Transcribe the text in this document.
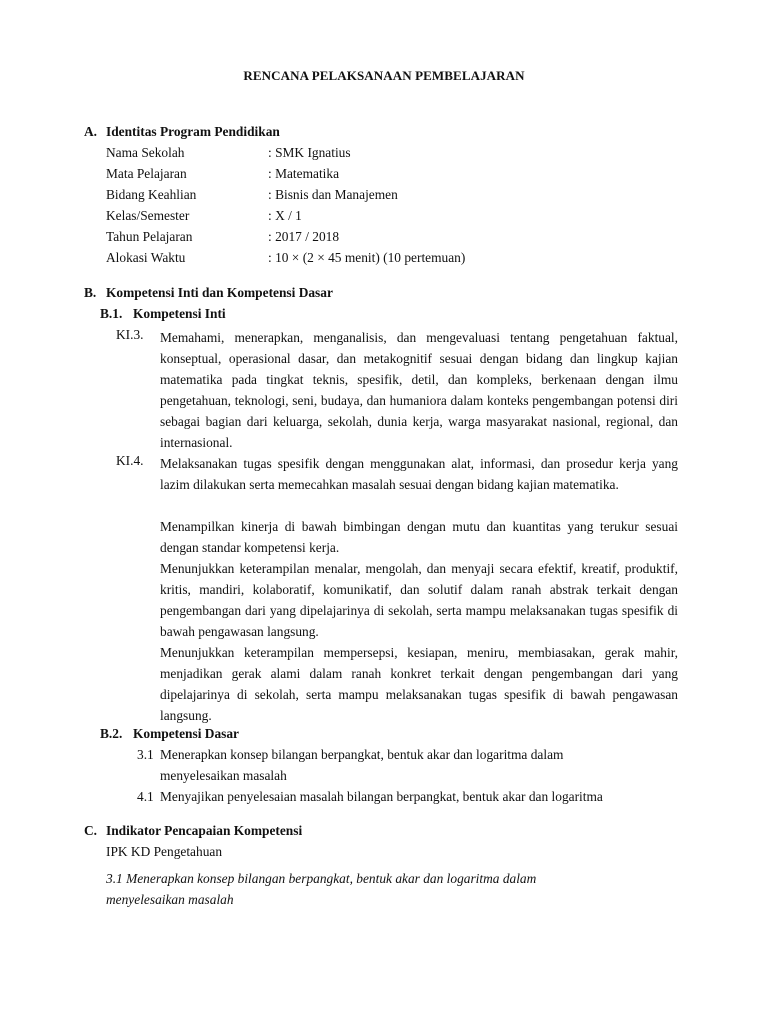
RENCANA PELAKSANAAN PEMBELAJARAN
A. Identitas Program Pendidikan
Nama Sekolah	: SMK Ignatius
Mata Pelajaran	: Matematika
Bidang Keahlian	: Bisnis dan Manajemen
Kelas/Semester	: X / 1
Tahun Pelajaran	: 2017 / 2018
Alokasi Waktu	: 10 × (2 × 45 menit) (10 pertemuan)
B. Kompetensi Inti dan Kompetensi Dasar
B.1. Kompetensi Inti
KI.3. Memahami, menerapkan, menganalisis, dan mengevaluasi tentang pengetahuan faktual, konseptual, operasional dasar, dan metakognitif sesuai dengan bidang dan lingkup kajian matematika pada tingkat teknis, spesifik, detil, dan kompleks, berkenaan dengan ilmu pengetahuan, teknologi, seni, budaya, dan humaniora dalam konteks pengembangan potensi diri sebagai bagian dari keluarga, sekolah, dunia kerja, warga masyarakat nasional, regional, dan internasional.
KI.4. Melaksanakan tugas spesifik dengan menggunakan alat, informasi, dan prosedur kerja yang lazim dilakukan serta memecahkan masalah sesuai dengan bidang kajian matematika.
Menampilkan kinerja di bawah bimbingan dengan mutu dan kuantitas yang terukur sesuai dengan standar kompetensi kerja.
Menunjukkan keterampilan menalar, mengolah, dan menyaji secara efektif, kreatif, produktif, kritis, mandiri, kolaboratif, komunikatif, dan solutif dalam ranah abstrak terkait dengan pengembangan dari yang dipelajarinya di sekolah, serta mampu melaksanakan tugas spesifik di bawah pengawasan langsung.
Menunjukkan keterampilan mempersepsi, kesiapan, meniru, membiasakan, gerak mahir, menjadikan gerak alami dalam ranah konkret terkait dengan pengembangan dari yang dipelajarinya di sekolah, serta mampu melaksanakan tugas spesifik di bawah pengawasan langsung.
B.2. Kompetensi Dasar
3.1 Menerapkan konsep bilangan berpangkat, bentuk akar dan logaritma dalam
menyelesaikan masalah
4.1 Menyajikan penyelesaian masalah bilangan berpangkat, bentuk akar dan logaritma
C. Indikator Pencapaian Kompetensi
IPK KD Pengetahuan
3.1 Menerapkan konsep bilangan berpangkat, bentuk akar dan logaritma dalam
menyelesaikan masalah
